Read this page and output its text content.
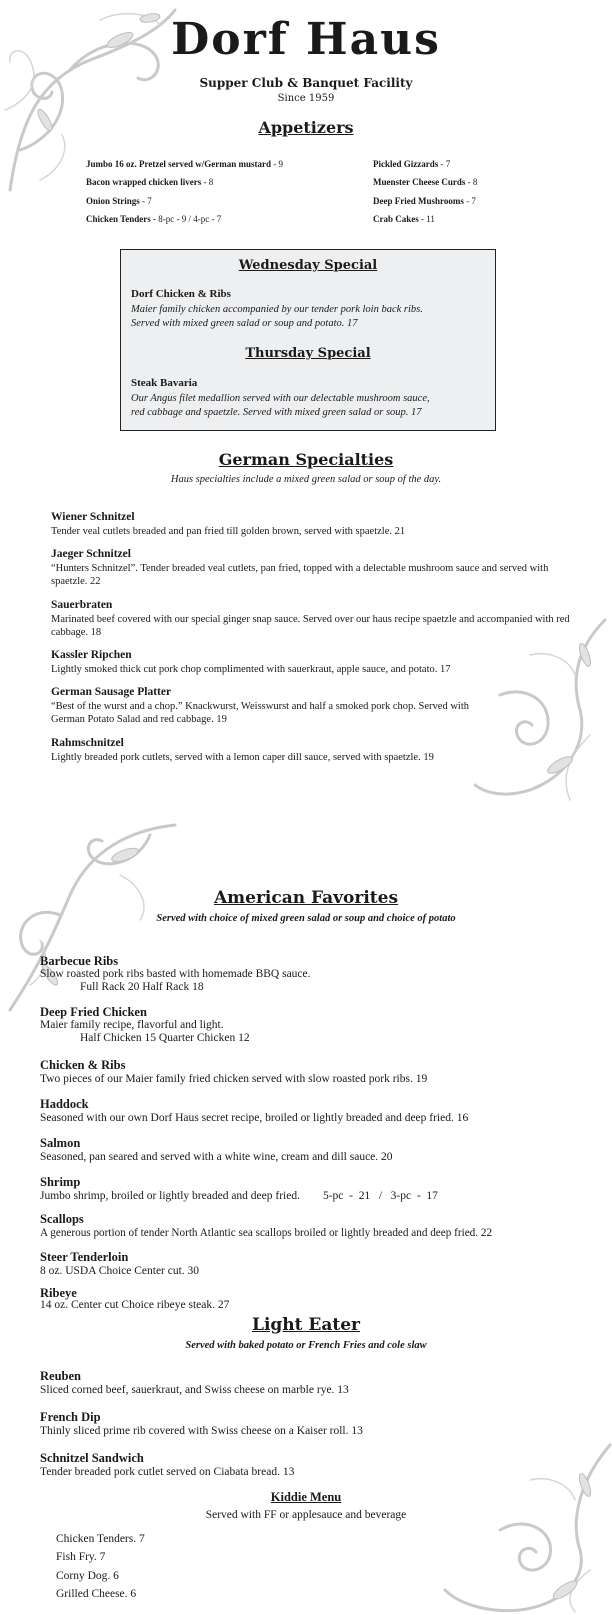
Dorf Haus
Supper Club & Banquet Facility
Since 1959
Appetizers
Jumbo 16 oz. Pretzel served w/German mustard - 9
Bacon wrapped chicken livers - 8
Onion Strings - 7
Chicken Tenders - 8-pc - 9 / 4-pc - 7
Pickled Gizzards - 7
Muenster Cheese Curds - 8
Deep Fried Mushrooms - 7
Crab Cakes - 11
Wednesday Special
Dorf Chicken & Ribs
Maier family chicken accompanied by our tender pork loin back ribs.
Served with mixed green salad or soup and potato. 17
Thursday Special
Steak Bavaria
Our Angus filet medallion served with our delectable mushroom sauce,
red cabbage and spaetzle. Served with mixed green salad or soup. 17
German Specialties
Haus specialties include a mixed green salad or soup of the day.
Wiener Schnitzel
Tender veal cutlets breaded and pan fried till golden brown, served with spaetzle. 21
Jaeger Schnitzel
“Hunters Schnitzel”. Tender breaded veal cutlets, pan fried, topped with a delectable mushroom sauce and served with spaetzle. 22
Sauerbraten
Marinated beef covered with our special ginger snap sauce. Served over our haus recipe spaetzle and accompanied with red cabbage. 18
Kassler Ripchen
Lightly smoked thick cut pork chop complimented with sauerkraut, apple sauce, and potato. 17
German Sausage Platter
“Best of the wurst and a chop.” Knackwurst, Weisswurst and half a smoked pork chop. Served with German Potato Salad and red cabbage. 19
Rahmschnitzel
Lightly breaded pork cutlets, served with a lemon caper dill sauce, served with spaetzle. 19
American Favorites
Served with choice of mixed green salad or soup and choice of potato
Barbecue Ribs
Slow roasted pork ribs basted with homemade BBQ sauce.
Full Rack 20 Half Rack 18
Deep Fried Chicken
Maier family recipe, flavorful and light.
Half Chicken 15 Quarter Chicken 12
Chicken & Ribs
Two pieces of our Maier family fried chicken served with slow roasted pork ribs. 19
Haddock
Seasoned with our own Dorf Haus secret recipe, broiled or lightly breaded and deep fried. 16
Salmon
Seasoned, pan seared and served with a white wine, cream and dill sauce. 20
Shrimp
Jumbo shrimp, broiled or lightly breaded and deep fried.        5-pc  -  21   /   3-pc  -  17
Scallops
A generous portion of tender North Atlantic sea scallops broiled or lightly breaded and deep fried. 22
Steer Tenderloin
8 oz. USDA Choice Center cut. 30
Ribeye
14 oz. Center cut Choice ribeye steak. 27
Light Eater
Served with baked potato or French Fries and cole slaw
Reuben
Sliced corned beef, sauerkraut, and Swiss cheese on marble rye. 13
French Dip
Thinly sliced prime rib covered with Swiss cheese on a Kaiser roll. 13
Schnitzel Sandwich
Tender breaded pork cutlet served on Ciabata bread. 13
Kiddie Menu
Served with FF or applesauce and beverage
Chicken Tenders. 7
Fish Fry. 7
Corny Dog. 6
Grilled Cheese. 6
